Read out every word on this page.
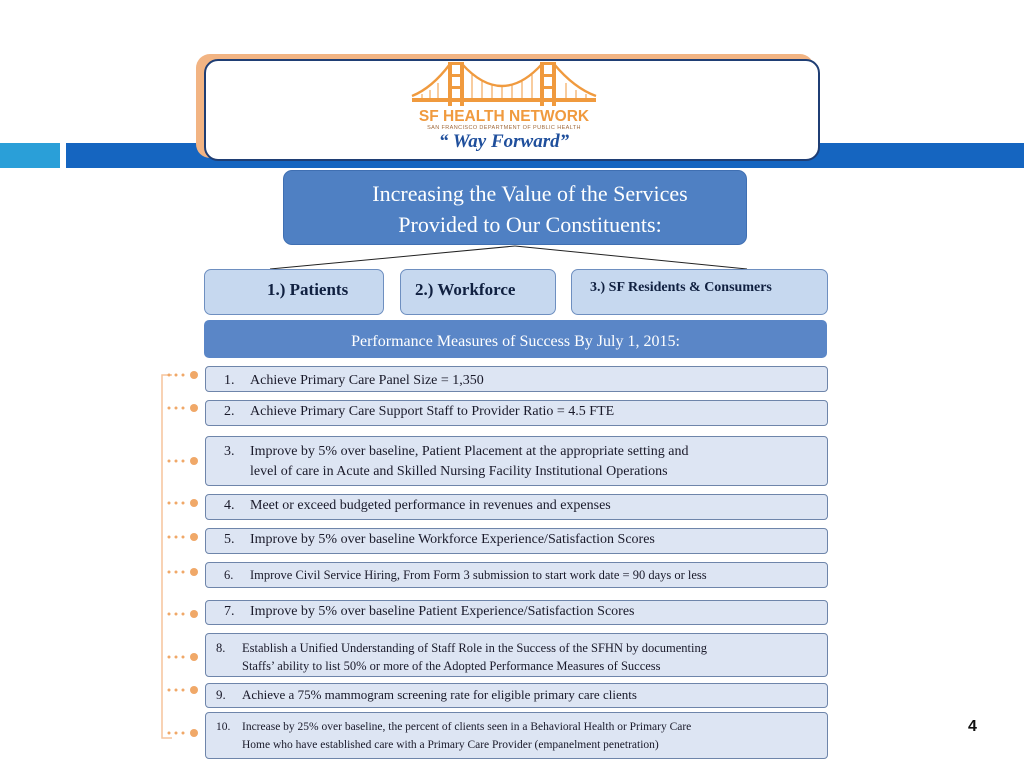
SF HEALTH NETWORK
SAN FRANCISCO DEPARTMENT OF PUBLIC HEALTH
“ Way Forward”
Increasing the Value of the Services
Provided to Our Constituents:
1.) Patients	2.) Workforce	3.) SF Residents & Consumers
Performance Measures of Success By July 1, 2015:
1. Achieve Primary Care Panel Size = 1,350
2. Achieve Primary Care Support Staff to Provider Ratio = 4.5 FTE
3. Improve by 5% over baseline, Patient Placement at the appropriate setting and
level of care in Acute and Skilled Nursing Facility Institutional Operations
4. Meet or exceed budgeted performance in revenues and expenses
5. Improve by 5% over baseline Workforce Experience/Satisfaction Scores
6. Improve Civil Service Hiring, From Form 3 submission to start work date = 90 days or less
7. Improve by 5% over baseline Patient Experience/Satisfaction Scores
8. Establish a Unified Understanding of Staff Role in the Success of the SFHN by documenting
Staffs’ ability to list 50% or more of the Adopted Performance Measures of Success
9. Achieve a 75% mammogram screening rate for eligible primary care clients
10. Increase by 25% over baseline, the percent of clients seen in a Behavioral Health or Primary Care
Home who have established care with a Primary Care Provider (empanelment penetration)
4
